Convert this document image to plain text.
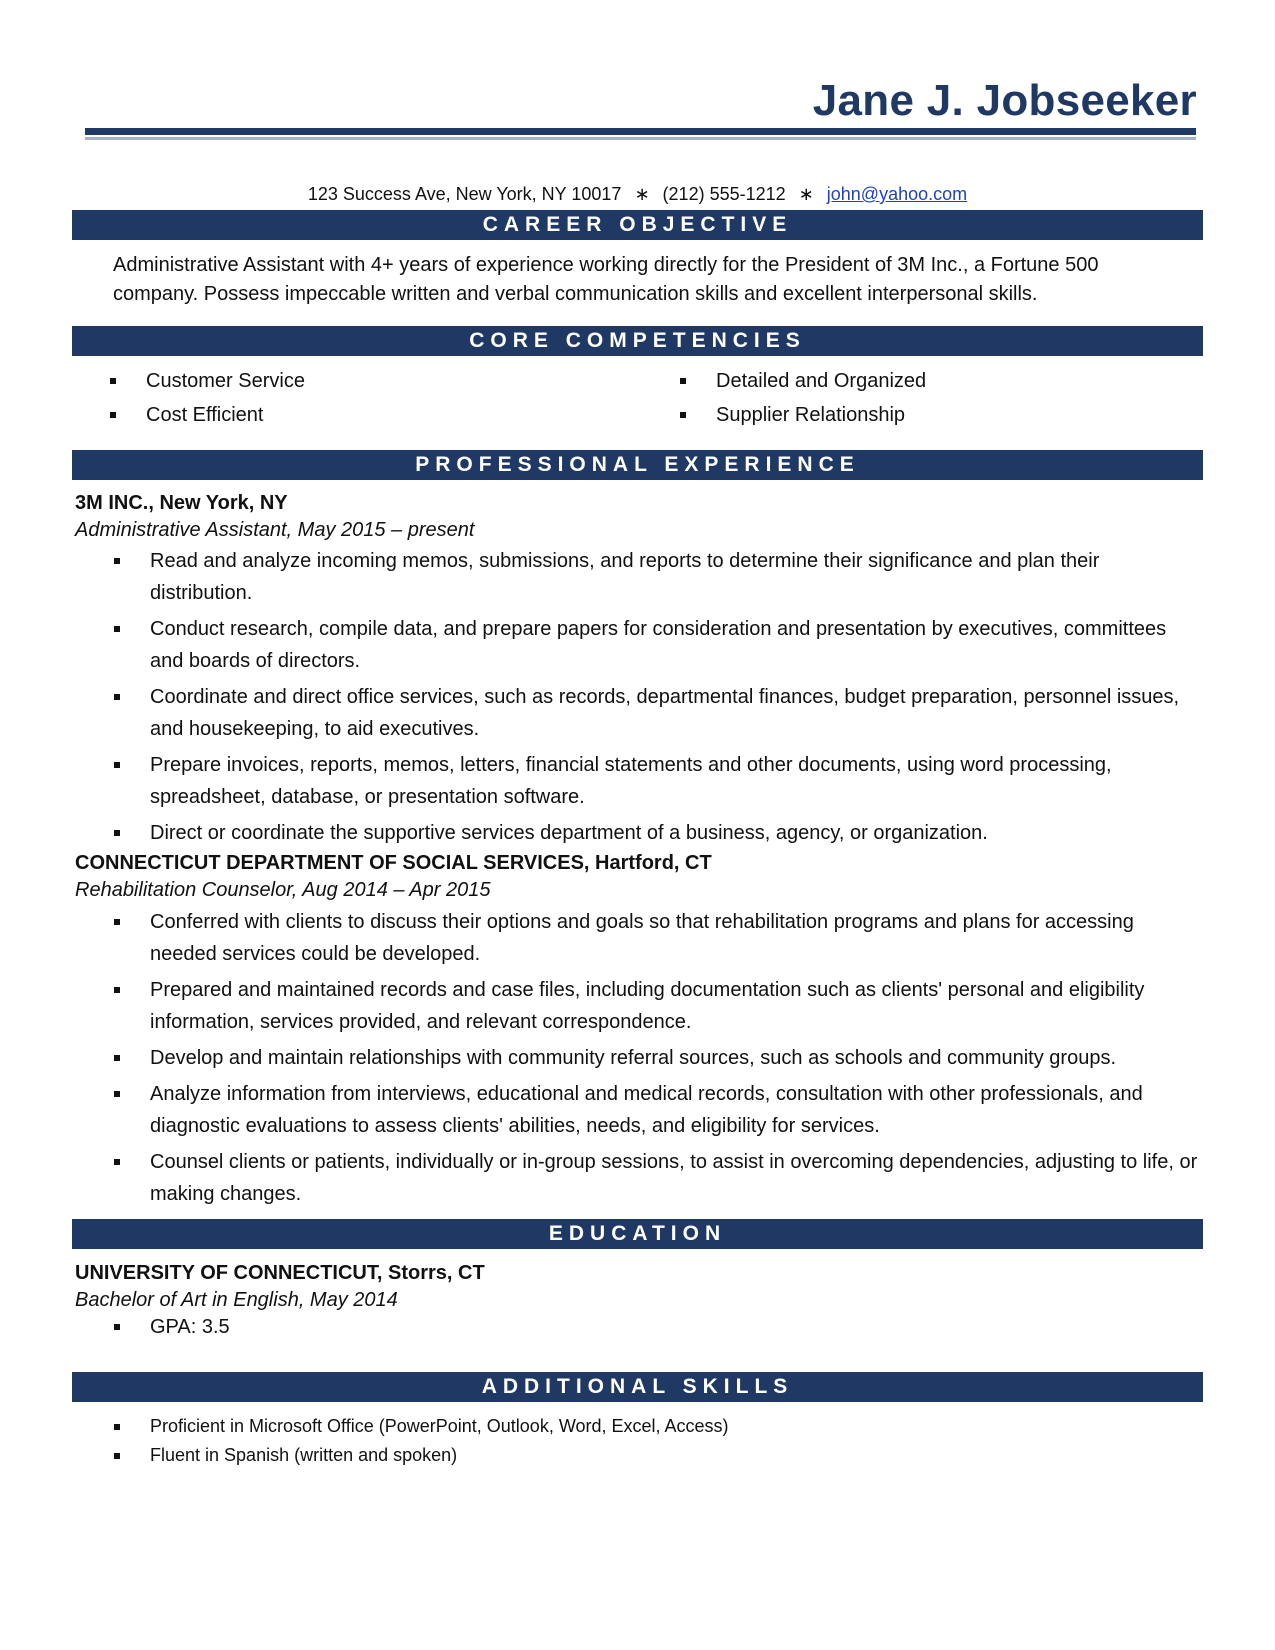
Jane J. Jobseeker
123 Success Ave, New York, NY 10017 ∗ (212) 555-1212 ∗ john@yahoo.com
CAREER OBJECTIVE
Administrative Assistant with 4+ years of experience working directly for the President of 3M Inc., a Fortune 500 company. Possess impeccable written and verbal communication skills and excellent interpersonal skills.
CORE COMPETENCIES
Customer Service
Cost Efficient
Detailed and Organized
Supplier Relationship
PROFESSIONAL EXPERIENCE
3M INC., New York, NY
Administrative Assistant, May 2015 – present
Read and analyze incoming memos, submissions, and reports to determine their significance and plan their distribution.
Conduct research, compile data, and prepare papers for consideration and presentation by executives, committees and boards of directors.
Coordinate and direct office services, such as records, departmental finances, budget preparation, personnel issues, and housekeeping, to aid executives.
Prepare invoices, reports, memos, letters, financial statements and other documents, using word processing, spreadsheet, database, or presentation software.
Direct or coordinate the supportive services department of a business, agency, or organization.
CONNECTICUT DEPARTMENT OF SOCIAL SERVICES, Hartford, CT
Rehabilitation Counselor, Aug 2014 – Apr 2015
Conferred with clients to discuss their options and goals so that rehabilitation programs and plans for accessing needed services could be developed.
Prepared and maintained records and case files, including documentation such as clients' personal and eligibility information, services provided, and relevant correspondence.
Develop and maintain relationships with community referral sources, such as schools and community groups.
Analyze information from interviews, educational and medical records, consultation with other professionals, and diagnostic evaluations to assess clients' abilities, needs, and eligibility for services.
Counsel clients or patients, individually or in-group sessions, to assist in overcoming dependencies, adjusting to life, or making changes.
EDUCATION
UNIVERSITY OF CONNECTICUT, Storrs, CT
Bachelor of Art in English, May 2014
GPA: 3.5
ADDITIONAL SKILLS
Proficient in Microsoft Office (PowerPoint, Outlook, Word, Excel, Access)
Fluent in Spanish (written and spoken)
